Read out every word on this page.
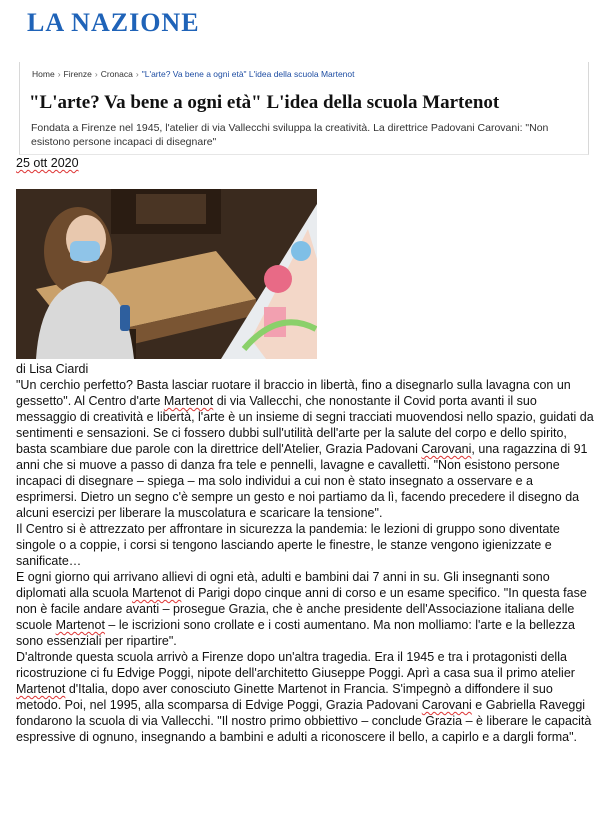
LA NAZIONE
Home › Firenze › Cronaca › "L'arte? Va bene a ogni età" L'idea della scuola Martenot
"L'arte? Va bene a ogni età" L'idea della scuola Martenot
Fondata a Firenze nel 1945, l'atelier di via Vallecchi sviluppa la creatività. La direttrice Padovani Carovani: "Non esistono persone incapaci di disegnare"
25 ott 2020
di Lisa Ciardi

"Un cerchio perfetto? Basta lasciar ruotare il braccio in libertà, fino a disegnarlo sulla lavagna con un gessetto". Al Centro d'arte Martenot di via Vallecchi, che nonostante il Covid porta avanti il suo messaggio di creatività e libertà, l'arte è un insieme di segni tracciati muovendosi nello spazio, guidati da sentimenti e sensazioni. Se ci fossero dubbi sull'utilità dell'arte per la salute del corpo e dello spirito, basta scambiare due parole con la direttrice dell'Atelier, Grazia Padovani Carovani, una ragazzina di 91 anni che si muove a passo di danza fra tele e pennelli, lavagne e cavalletti. "Non esistono persone incapaci di disegnare – spiega – ma solo individui a cui non è stato insegnato a osservare e a esprimersi. Dietro un segno c'è sempre un gesto e noi partiamo da lì, facendo precedere il disegno da alcuni esercizi per liberare la muscolatura e scaricare la tensione".

Il Centro si è attrezzato per affrontare in sicurezza la pandemia: le lezioni di gruppo sono diventate singole o a coppie, i corsi si tengono lasciando aperte le finestre, le stanze vengono igienizzate e sanificate…

E ogni giorno qui arrivano allievi di ogni età, adulti e bambini dai 7 anni in su. Gli insegnanti sono diplomati alla scuola Martenot di Parigi dopo cinque anni di corso e un esame specifico. "In questa fase non è facile andare avanti – prosegue Grazia, che è anche presidente dell'Associazione italiana delle scuole Martenot – le iscrizioni sono crollate e i costi aumentano. Ma non molliamo: l'arte e la bellezza sono essenziali per ripartire".

D'altronde questa scuola arrivò a Firenze dopo un'altra tragedia. Era il 1945 e tra i protagonisti della ricostruzione ci fu Edvige Poggi, nipote dell'architetto Giuseppe Poggi. Aprì a casa sua il primo atelier Martenot d'Italia, dopo aver conosciuto Ginette Martenot in Francia. S'impegnò a diffondere il suo metodo. Poi, nel 1995, alla scomparsa di Edvige Poggi, Grazia Padovani Carovani e Gabriella Raveggi fondarono la scuola di via Vallecchi. "Il nostro primo obbiettivo – conclude Grazia – è liberare le capacità espressive di ognuno, insegnando a bambini e adulti a riconoscere il bello, a capirlo e a dargli forma".
